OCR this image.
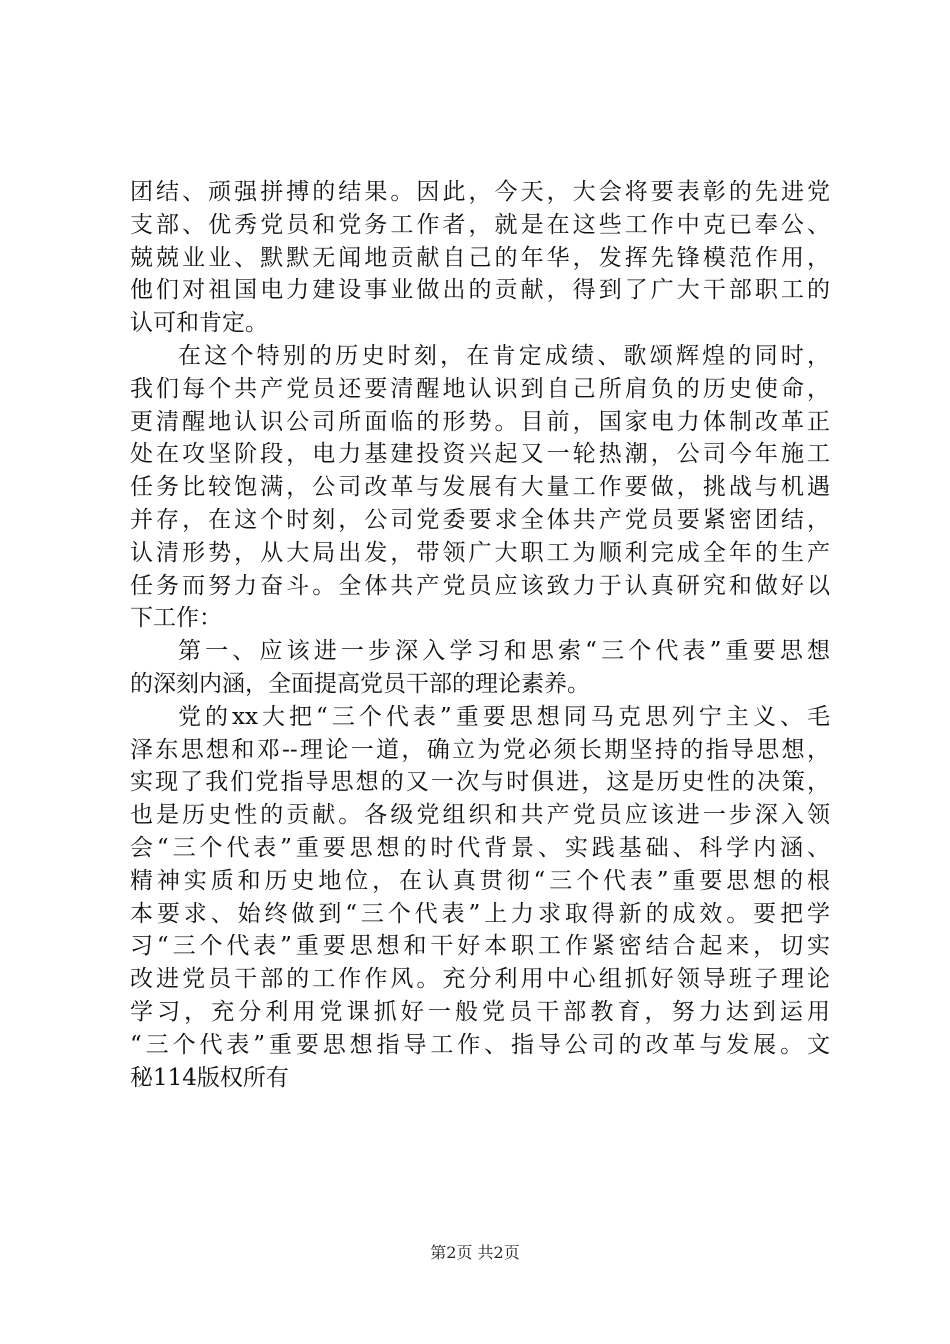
团结、顽强拼搏的结果。因此，今天，大会将要表彰的先进党
支部、优秀党员和党务工作者，就是在这些工作中克已奉公、
兢兢业业、默默无闻地贡献自己的年华，发挥先锋模范作用，
他们对祖国电力建设事业做出的贡献，得到了广大干部职工的
认可和肯定。
在这个特别的历史时刻，在肯定成绩、歌颂辉煌的同时，
我们每个共产党员还要清醒地认识到自己所肩负的历史使命，
更清醒地认识公司所面临的形势。目前，国家电力体制改革正
处在攻坚阶段，电力基建投资兴起又一轮热潮，公司今年施工
任务比较饱满，公司改革与发展有大量工作要做，挑战与机遇
并存，在这个时刻，公司党委要求全体共产党员要紧密团结，
认清形势，从大局出发，带领广大职工为顺利完成全年的生产
任务而努力奋斗。全体共产党员应该致力于认真研究和做好以
下工作：
第一、应该进一步深入学习和思索“三个代表”重要思想
的深刻内涵，全面提高党员干部的理论素养。
党的xx大把“三个代表”重要思想同马克思列宁主义、毛
泽东思想和邓--理论一道，确立为党必须长期坚持的指导思想，
实现了我们党指导思想的又一次与时俱进，这是历史性的决策，
也是历史性的贡献。各级党组织和共产党员应该进一步深入领
会“三个代表”重要思想的时代背景、实践基础、科学内涵、
精神实质和历史地位，在认真贯彻“三个代表”重要思想的根
本要求、始终做到“三个代表”上力求取得新的成效。要把学
习“三个代表”重要思想和干好本职工作紧密结合起来，切实
改进党员干部的工作作风。充分利用中心组抓好领导班子理论
学习，充分利用党课抓好一般党员干部教育，努力达到运用
“三个代表”重要思想指导工作、指导公司的改革与发展。文
秘114版权所有
第2页 共2页
